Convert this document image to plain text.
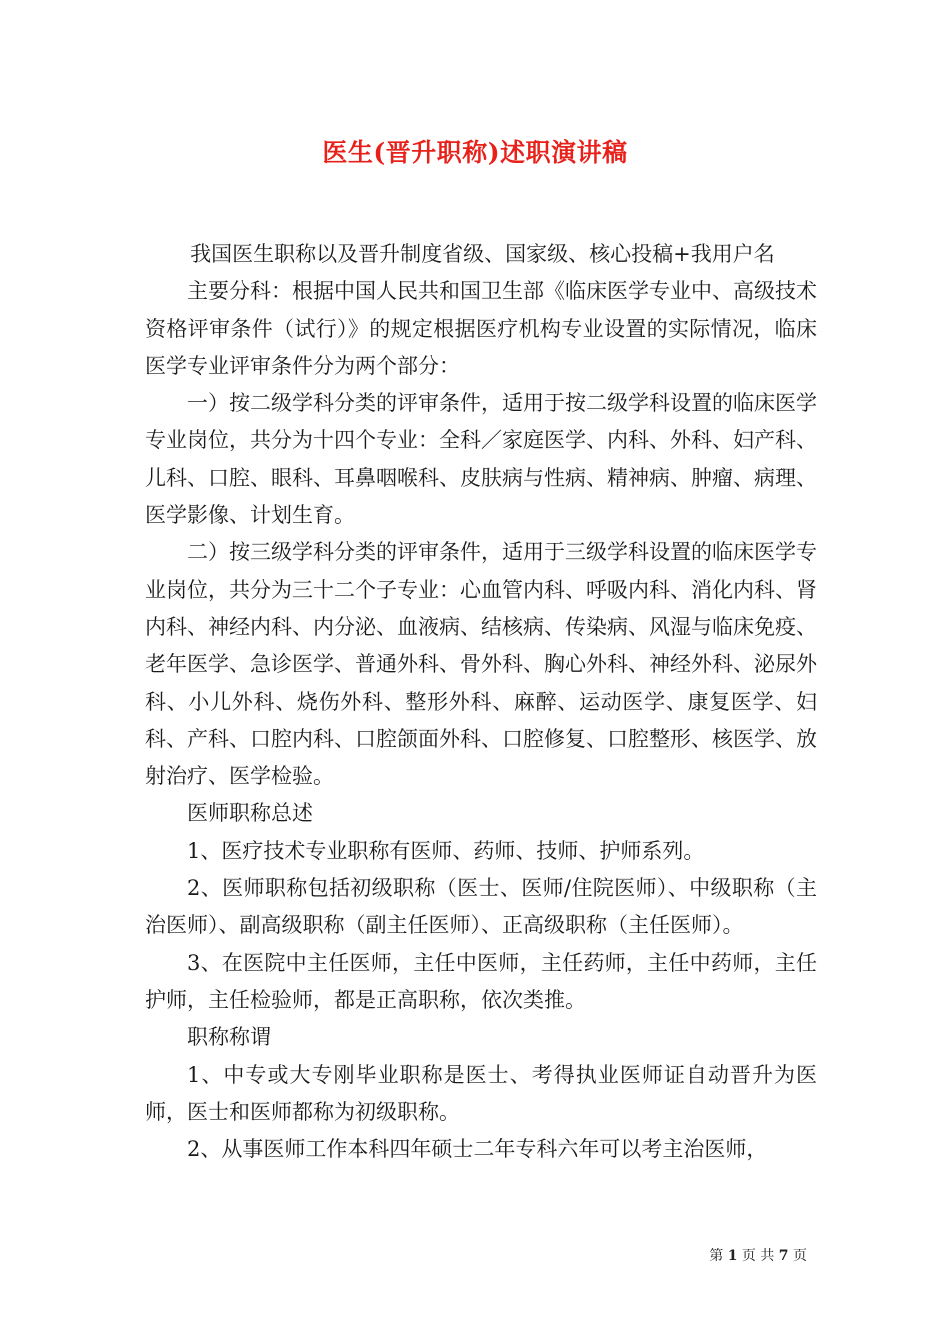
医生(晋升职称)述职演讲稿

我国医生职称以及晋升制度省级、国家级、核心投稿+我用户名

主要分科：根据中国人民共和国卫生部《临床医学专业中、高级技术资格评审条件（试行）》的规定根据医疗机构专业设置的实际情况，临床医学专业评审条件分为两个部分：

一）按二级学科分类的评审条件，适用于按二级学科设置的临床医学专业岗位，共分为十四个专业：全科／家庭医学、内科、外科、妇产科、儿科、口腔、眼科、耳鼻咽喉科、皮肤病与性病、精神病、肿瘤、病理、医学影像、计划生育。

二）按三级学科分类的评审条件，适用于三级学科设置的临床医学专业岗位，共分为三十二个子专业：心血管内科、呼吸内科、消化内科、肾内科、神经内科、内分泌、血液病、结核病、传染病、风湿与临床免疫、老年医学、急诊医学、普通外科、骨外科、胸心外科、神经外科、泌尿外科、小儿外科、烧伤外科、整形外科、麻醉、运动医学、康复医学、妇科、产科、口腔内科、口腔颌面外科、口腔修复、口腔整形、核医学、放射治疗、医学检验。

医师职称总述

1、医疗技术专业职称有医师、药师、技师、护师系列。

2、医师职称包括初级职称（医士、医师/住院医师）、中级职称（主治医师）、副高级职称（副主任医师）、正高级职称（主任医师）。

3、在医院中主任医师，主任中医师，主任药师，主任中药师，主任护师，主任检验师，都是正高职称，依次类推。

职称称谓

1、中专或大专刚毕业职称是医士、考得执业医师证自动晋升为医师，医士和医师都称为初级职称。

2、从事医师工作本科四年硕士二年专科六年可以考主治医师，

第 1 页 共 7 页
